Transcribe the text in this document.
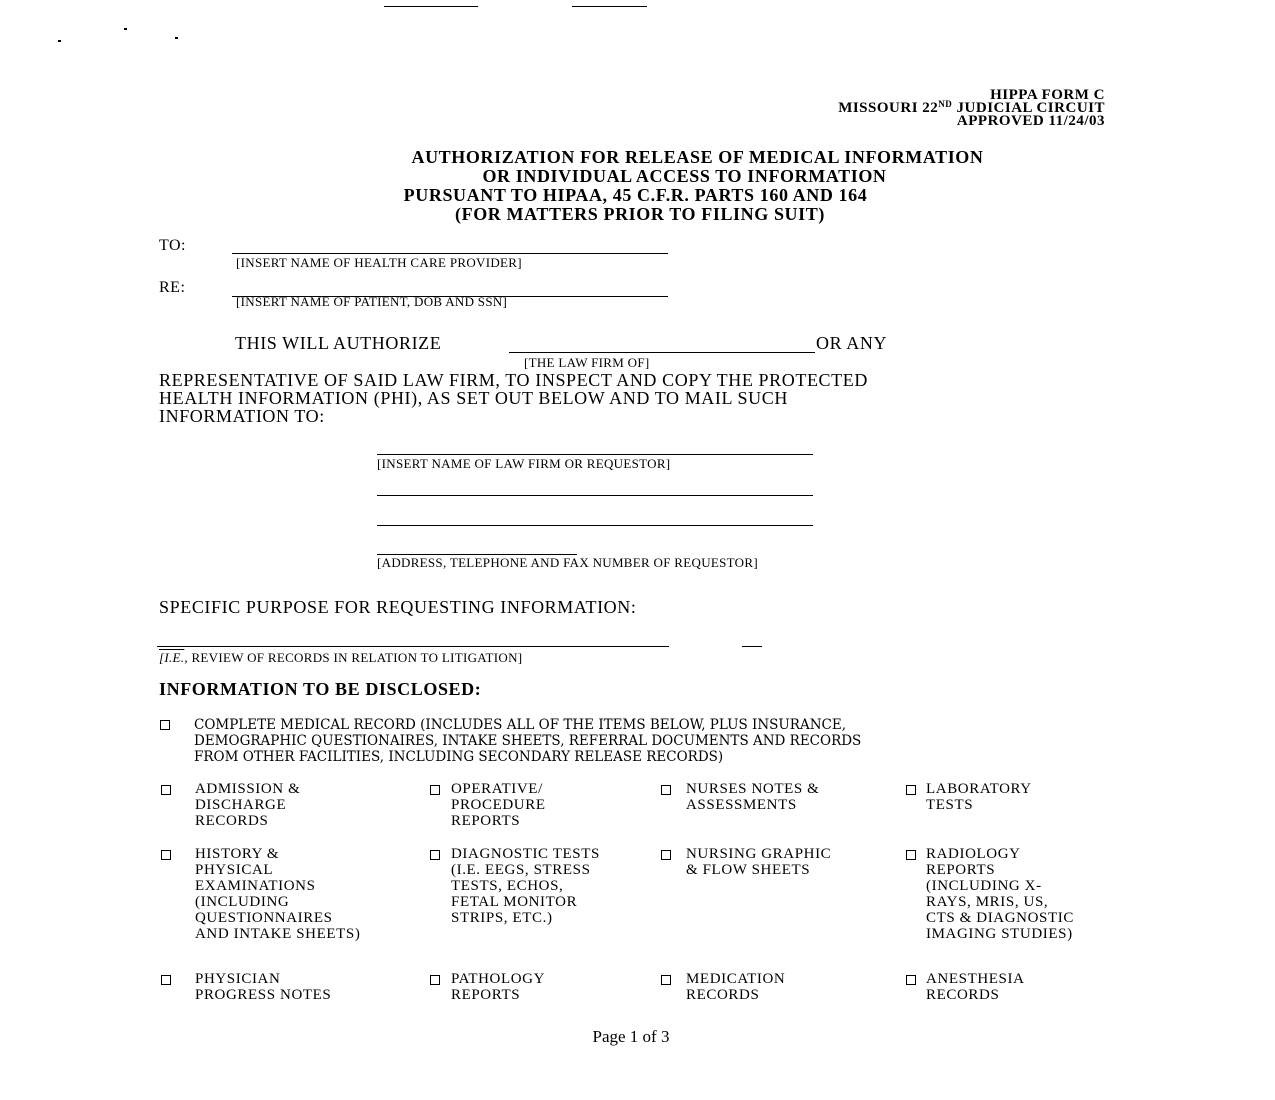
HIPPA FORM C
MISSOURI 22ND JUDICIAL CIRCUIT
APPROVED 11/24/03
AUTHORIZATION FOR RELEASE OF MEDICAL INFORMATION
OR INDIVIDUAL ACCESS TO INFORMATION
PURSUANT TO HIPAA, 45 C.F.R. PARTS 160 AND 164
(FOR MATTERS PRIOR TO FILING SUIT)
TO:
[INSERT NAME OF HEALTH CARE PROVIDER]
RE:
[INSERT NAME OF PATIENT, DOB AND SSN]
THIS WILL AUTHORIZE	OR ANY
[THE LAW FIRM OF]
REPRESENTATIVE OF SAID LAW FIRM, TO INSPECT AND COPY THE PROTECTED
HEALTH INFORMATION (PHI), AS SET OUT BELOW AND TO MAIL SUCH
INFORMATION TO:
[INSERT NAME OF LAW FIRM OR REQUESTOR]
[ADDRESS, TELEPHONE AND FAX NUMBER OF REQUESTOR]
SPECIFIC PURPOSE FOR REQUESTING INFORMATION:
[I.E., REVIEW OF RECORDS IN RELATION TO LITIGATION]
INFORMATION TO BE DISCLOSED:
COMPLETE MEDICAL RECORD (INCLUDES ALL OF THE ITEMS BELOW, PLUS INSURANCE,
DEMOGRAPHIC QUESTIONAIRES, INTAKE SHEETS, REFERRAL DOCUMENTS AND RECORDS
FROM OTHER FACILITIES, INCLUDING SECONDARY RELEASE RECORDS)
ADMISSION &
DISCHARGE
RECORDS
OPERATIVE/
PROCEDURE
REPORTS
NURSES NOTES &
ASSESSMENTS
LABORATORY
TESTS
HISTORY &
PHYSICAL
EXAMINATIONS
(INCLUDING
QUESTIONNAIRES
AND INTAKE SHEETS)
DIAGNOSTIC TESTS
(I.E. EEGS, STRESS
TESTS, ECHOS,
FETAL MONITOR
STRIPS, ETC.)
NURSING GRAPHIC
& FLOW SHEETS
RADIOLOGY
REPORTS
(INCLUDING X-
RAYS, MRIS, US,
CTS & DIAGNOSTIC
IMAGING STUDIES)
PHYSICIAN
PROGRESS NOTES
PATHOLOGY
REPORTS
MEDICATION
RECORDS
ANESTHESIA
RECORDS
Page 1 of 3
